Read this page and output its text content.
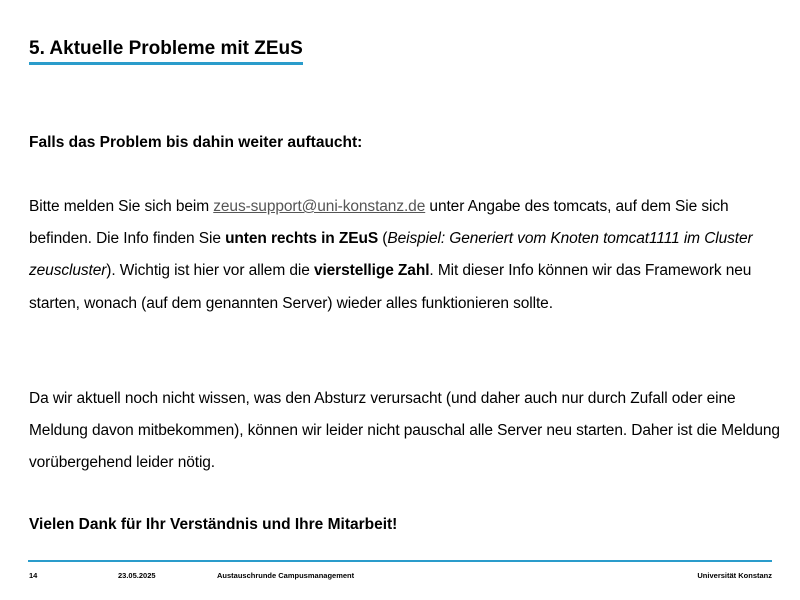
5. Aktuelle Probleme mit ZEuS

Falls das Problem bis dahin weiter auftaucht:

Bitte melden Sie sich beim zeus-support@uni-konstanz.de unter Angabe des tomcats, auf dem Sie sich befinden. Die Info finden Sie unten rechts in ZEuS (Beispiel: Generiert vom Knoten tomcat1111 im Cluster zeuscluster). Wichtig ist hier vor allem die vierstellige Zahl. Mit dieser Info können wir das Framework neu starten, wonach (auf dem genannten Server) wieder alles funktionieren sollte.

Da wir aktuell noch nicht wissen, was den Absturz verursacht (und daher auch nur durch Zufall oder eine Meldung davon mitbekommen), können wir leider nicht pauschal alle Server neu starten. Daher ist die Meldung vorübergehend leider nötig.

Vielen Dank für Ihr Verständnis und Ihre Mitarbeit!

14	23.05.2025	Austauschrunde Campusmanagement	Universität Konstanz
